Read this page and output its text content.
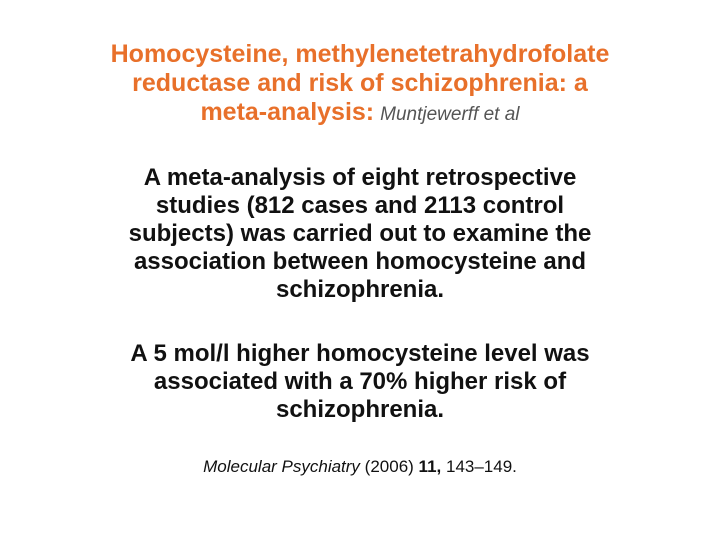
Homocysteine, methylenetetrahydrofolate
reductase and risk of schizophrenia: a
meta-analysis: Muntjewerff et al
A meta-analysis of eight retrospective
studies (812 cases and 2113 control
subjects) was carried out to examine the
association between homocysteine and
schizophrenia.
A 5 mol/l higher homocysteine level was
associated with a 70% higher risk of
schizophrenia.
Molecular Psychiatry (2006) 11, 143–149.
